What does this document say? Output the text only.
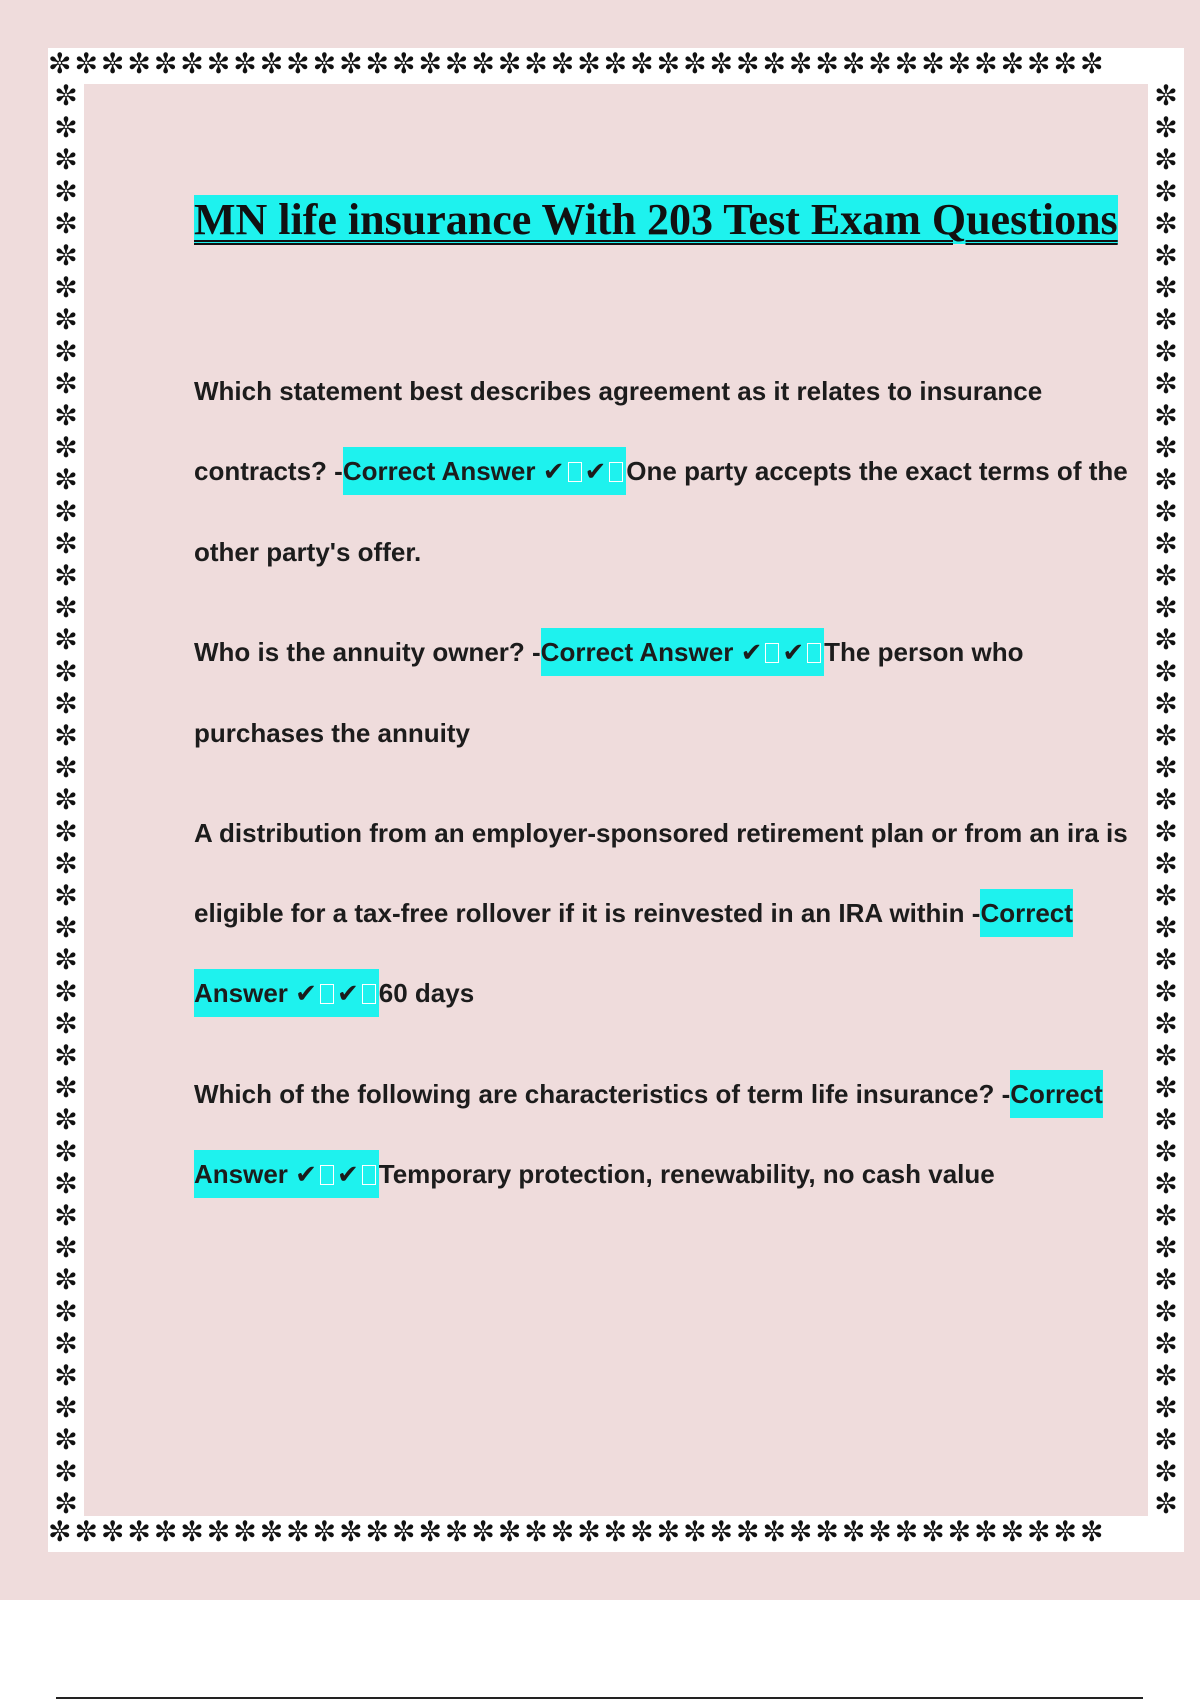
✼✼✼✼✼✼✼✼✼✼✼✼✼✼✼✼✼✼✼✼✼✼✼✼✼✼✼✼✼✼✼✼✼✼✼✼✼✼✼✼
✼
✼
✼
✼
✼
✼
✼
✼
✼
✼
✼
✼
✼
✼
✼
✼
✼
✼
✼
✼
✼
✼
✼
✼
✼
✼
✼
✼
✼
✼
✼
✼
✼
✼
✼
✼
✼
✼
✼
✼
✼
✼
✼
✼
✼
✼
✼
✼
✼
✼
✼
✼
✼
✼
✼
✼
✼
✼
✼
✼
✼
✼
✼
✼
✼
✼
✼
✼
✼
✼
✼
✼
✼
✼
✼
✼
✼
✼
✼
✼
✼
✼
✼
✼
✼
✼
✼
✼
✼
✼
✼✼✼✼✼✼✼✼✼✼✼✼✼✼✼✼✼✼✼✼✼✼✼✼✼✼✼✼✼✼✼✼✼✼✼✼✼✼✼✼
MN life insurance With 203 Test Exam Questions

Which statement best describes agreement as it relates to insurance contracts? -Correct Answer ✔ ✔ One party accepts the exact terms of the other party's offer.

Who is the annuity owner? -Correct Answer ✔ ✔ The person who purchases the annuity

A distribution from an employer-sponsored retirement plan or from an ira is eligible for a tax-free rollover if it is reinvested in an IRA within -Correct Answer ✔ ✔ 60 days

Which of the following are characteristics of term life insurance? -Correct Answer ✔ ✔ Temporary protection, renewability, no cash value
